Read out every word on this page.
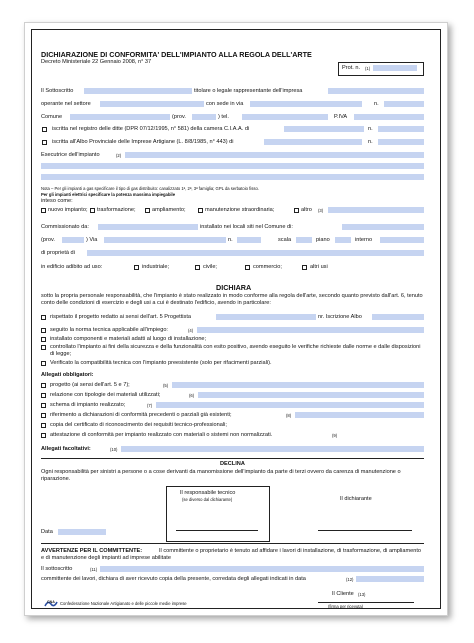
DICHIARAZIONE DI CONFORMITA' DELL'IMPIANTO ALLA REGOLA DELL'ARTE
Decreto Ministeriale 22 Gennaio 2008, n° 37
Prot. n. (1)
Il Sottoscritto	titolare o legale rappresentante dell'impresa
operante nel settore	con sede in via	n.
Comune	(prov.	) tel.	P.IVA
iscritta nel registro delle ditte (DPR 07/12/1995, n° 581) della camera C.I.A.A. di	n.
iscritta all'Albo Provinciale delle Imprese Artigiane (L. 8/8/1985, n° 443) di	n.
Esecutrice dell'impianto	(2)
Nota – Per gli impianti a gas specificare il tipo di gas distribuito: canalizzato 1ª, 2ª, 3ª famiglia; GPL da serbatoio fisso.
Per gli impianti elettrici specificare la potenza massima impiegabile
inteso come:
nuovo impianto; trasformazione;	ampliamento;	manutenzione straordinaria;	altro (3)
Commissionato da:	installato nei locali siti nel Comune di:
(prov.	) Via	n.	scala	piano	interno
di proprietà di
in edificio adibito ad uso:	industriale;	civile;	commercio;	altri usi
DICHIARA
sotto la propria personale responsabilità, che l'impianto è stato realizzato in modo conforme alla regola dell'arte, secondo quanto previsto dall'art. 6, tenuto conto delle condizioni di esercizio e degli usi a cui è destinato l'edificio, avendo in particolare:
rispettato il progetto redatto ai sensi dell'art. 5 Progettista	nr. Iscrizione Albo
seguito la norma tecnica applicabile all'impiego:	(4)
installato componenti e materiali adatti al luogo di installazione;
controllato l'impianto ai fini della sicurezza e della funzionalità con esito positivo, avendo eseguito le verifiche richieste dalle norme e dalle disposizioni di legge;
Verificato la compatibilità tecnica con l'impianto preesistente (solo per rifacimenti parziali).
Allegati obbligatori:
progetto (ai sensi dell'art. 5 e 7);	(5)
relazione con tipologie dei materiali utilizzati;	(6)
schema di impianto realizzato;	(7)
riferimento a dichiarazioni di conformità precedenti o parziali già esistenti;	(8)
copia del certificato di riconoscimento dei requisiti tecnico-professionali;
attestazione di conformità per impianto realizzato con materiali o sistemi non normalizzati.	(9)
Allegati facoltativi:	(10)
DECLINA
Ogni responsabilità per sinistri a persone o a cose derivanti da manomissione dell'impianto da parte di terzi ovvero da carenza di manutenzione o riparazione.
Il responsabile tecnico
(se diverso dal dichiarante)	Il dichiarante
Data
AVVERTENZE PER IL COMMITTENTE:	Il committente o proprietario è tenuto ad affidare i lavori di installazione, di trasformazione, di ampliamento e di manutenzione degli impianti ad imprese abilitate
Il sottoscritto	(11)
committente dei lavori, dichiara di aver ricevuto copia della presente, corredata degli allegati indicati in data	(12)
Il Cliente (13)
CNA Confederazione Nazionale Artigianato e delle piccole medie imprese
(firma per ricevuta)
